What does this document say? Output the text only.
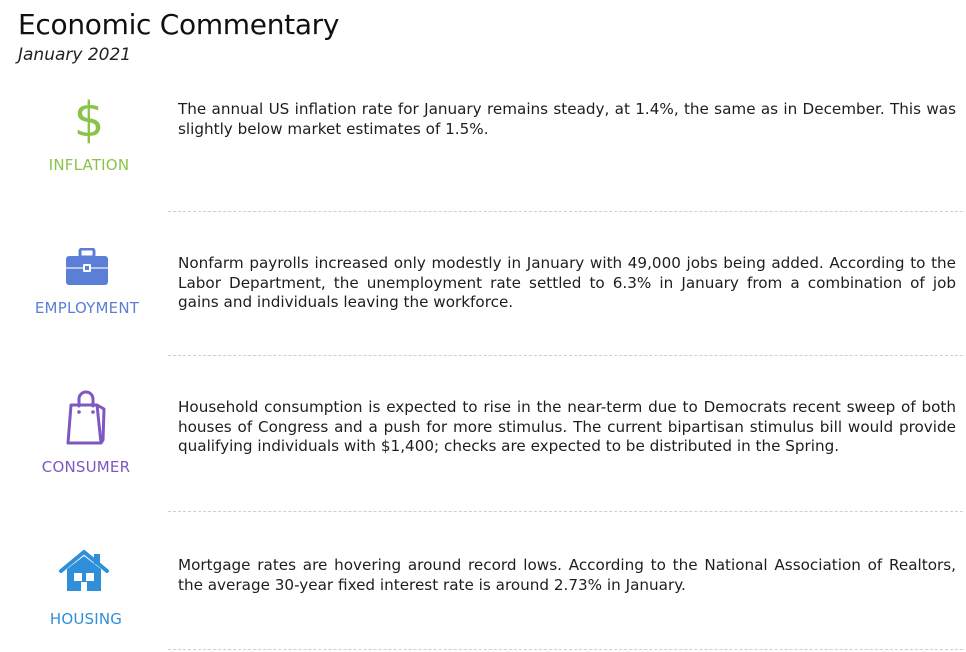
Economic Commentary
January 2021
$
INFLATION
The annual US inflation rate for January remains steady, at 1.4%, the same as in December. This was slightly below market estimates of 1.5%.
EMPLOYMENT
Nonfarm payrolls increased only modestly in January with 49,000 jobs being added. According to the Labor Department, the unemployment rate settled to 6.3% in January from a combination of job gains and individuals leaving the workforce.
CONSUMER
Household consumption is expected to rise in the near-term due to Democrats recent sweep of both houses of Congress and a push for more stimulus. The current bipartisan stimulus bill would provide qualifying individuals with $1,400; checks are expected to be distributed in the Spring.
HOUSING
Mortgage rates are hovering around record lows. According to the National Association of Realtors, the average 30-year fixed interest rate is around 2.73% in January.
